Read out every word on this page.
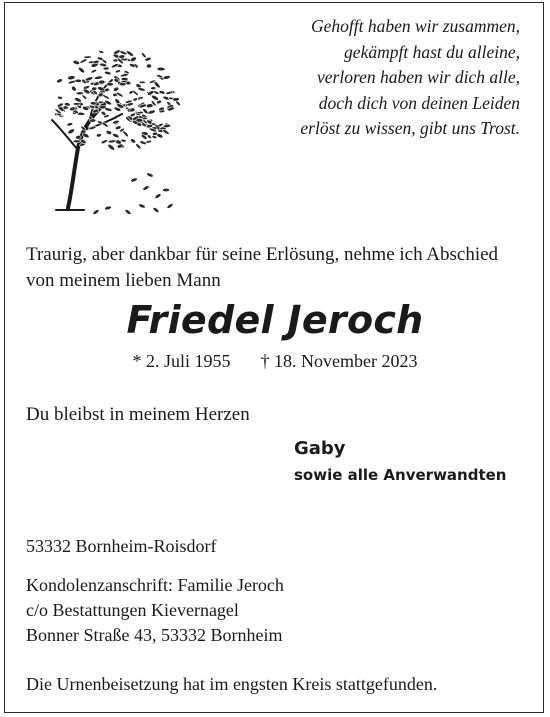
Gehofft haben wir zusammen,
gekämpft hast du alleine,
verloren haben wir dich alle,
doch dich von deinen Leiden
erlöst zu wissen, gibt uns Trost.
Traurig, aber dankbar für seine Erlösung, nehme ich Abschied
von meinem lieben Mann
Friedel Jeroch
* 2. Juli 1955 † 18. November 2023
Du bleibst in meinem Herzen
Gaby
sowie alle Anverwandten
53332 Bornheim-Roisdorf
Kondolenzanschrift: Familie Jeroch
c/o Bestattungen Kievernagel
Bonner Straße 43, 53332 Bornheim
Die Urnenbeisetzung hat im engsten Kreis stattgefunden.
